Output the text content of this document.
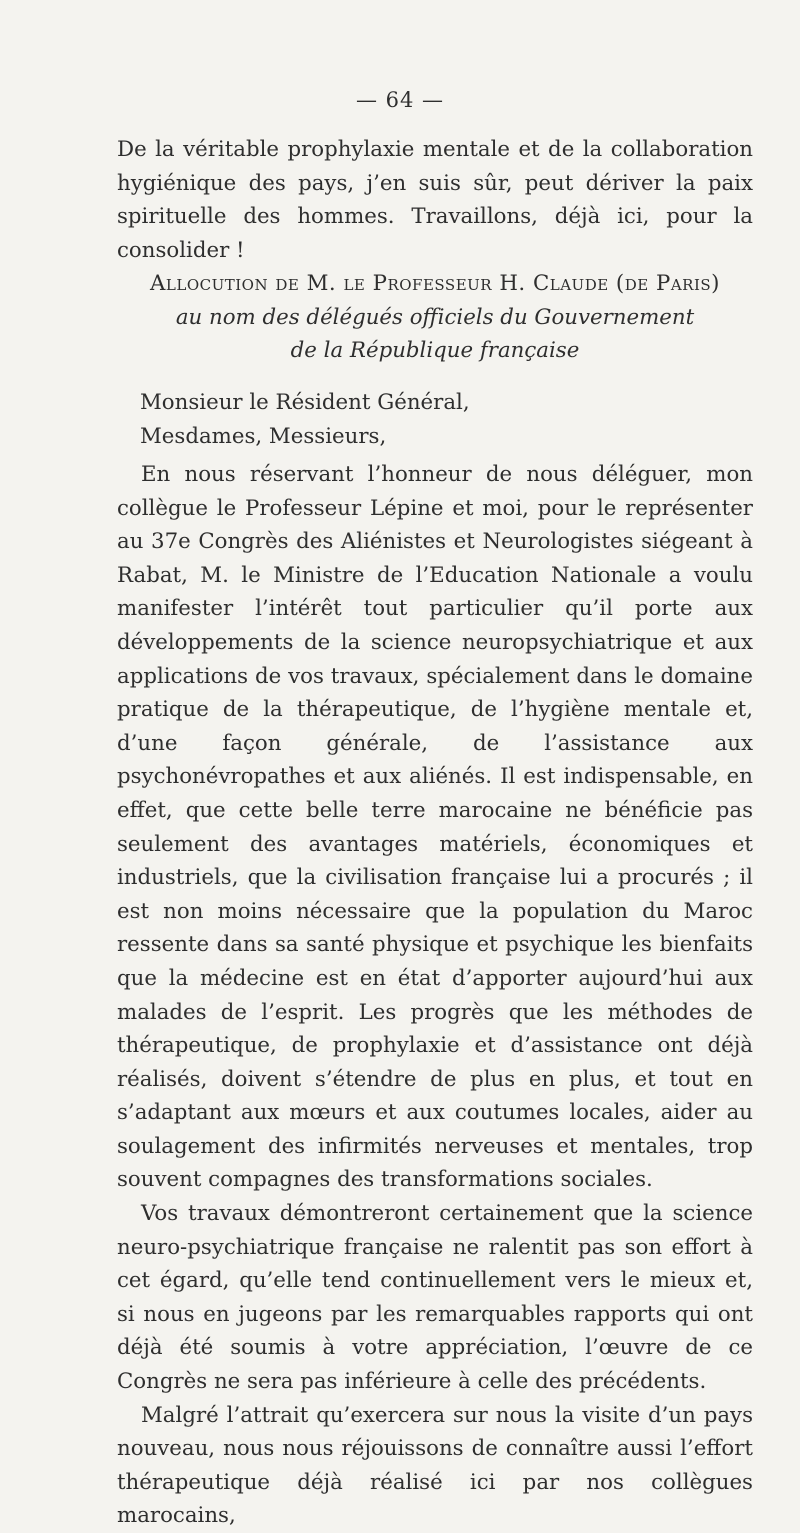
— 64 —

De la véritable prophylaxie mentale et de la collaboration hygiénique des pays, j’en suis sûr, peut dériver la paix spirituelle des hommes. Travaillons, déjà ici, pour la consolider !

Allocution de M. le Professeur H. Claude (de Paris)
au nom des délégués officiels du Gouvernement
de la République française
Monsieur le Résident Général,
Mesdames, Messieurs,

En nous réservant l’honneur de nous déléguer, mon collègue le Professeur Lépine et moi, pour le représenter au 37e Congrès des Aliénistes et Neurologistes siégeant à Rabat, M. le Ministre de l’Education Nationale a voulu manifester l’intérêt tout particulier qu’il porte aux développements de la science neuropsychiatrique et aux applications de vos travaux, spécialement dans le domaine pratique de la thérapeutique, de l’hygiène mentale et, d’une façon générale, de l’assistance aux psychonévropathes et aux aliénés. Il est indispensable, en effet, que cette belle terre marocaine ne bénéficie pas seulement des avantages matériels, économiques et industriels, que la civilisation française lui a procurés ; il est non moins nécessaire que la population du Maroc ressente dans sa santé physique et psychique les bienfaits que la médecine est en état d’apporter aujourd’hui aux malades de l’esprit. Les progrès que les méthodes de thérapeutique, de prophylaxie et d’assistance ont déjà réalisés, doivent s’étendre de plus en plus, et tout en s’adaptant aux mœurs et aux coutumes locales, aider au soulagement des infirmités nerveuses et mentales, trop souvent compagnes des transformations sociales.

Vos travaux démontreront certainement que la science neuro-psychiatrique française ne ralentit pas son effort à cet égard, qu’elle tend continuellement vers le mieux et, si nous en jugeons par les remarquables rapports qui ont déjà été soumis à votre appréciation, l’œuvre de ce Congrès ne sera pas inférieure à celle des précédents.

Malgré l’attrait qu’exercera sur nous la visite d’un pays nouveau, nous nous réjouissons de connaître aussi l’effort thérapeutique déjà réalisé ici par nos collègues marocains,
